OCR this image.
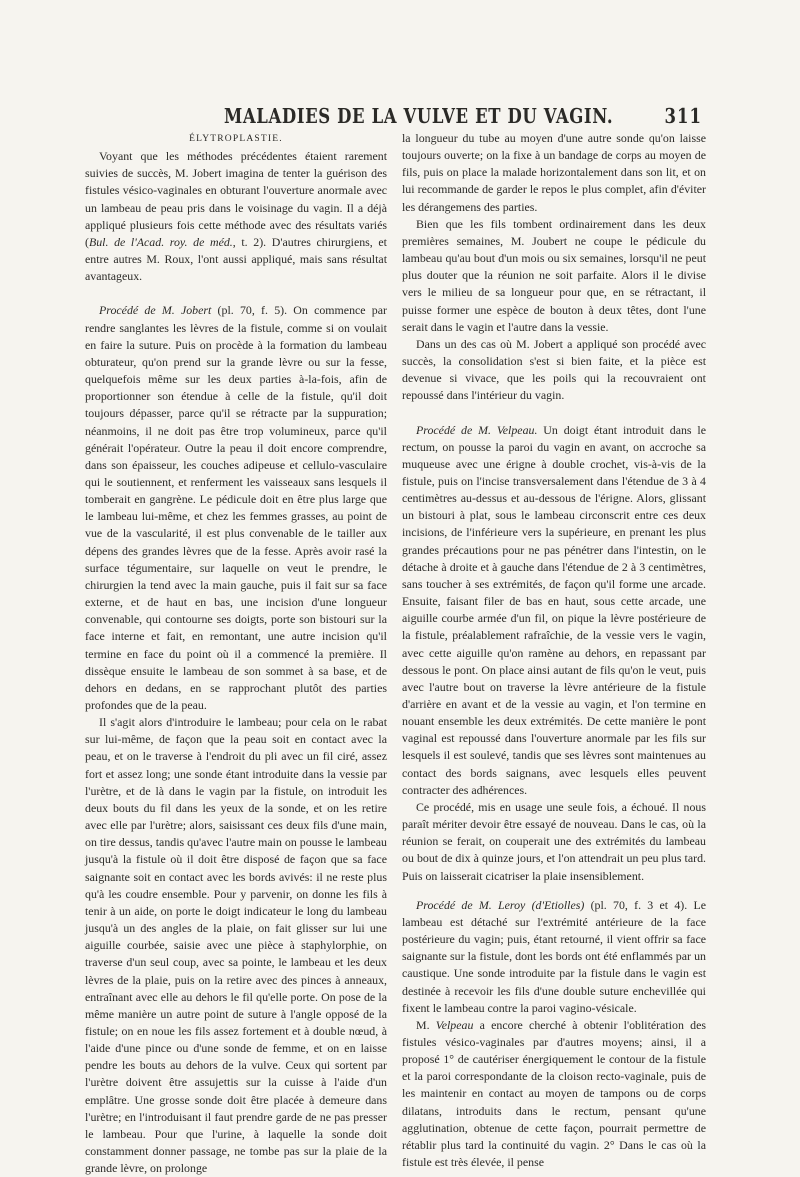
MALADIES DE LA VULVE ET DU VAGIN.	311

ÉLYTROPLASTIE.

Voyant que les méthodes précédentes étaient rarement suivies de succès, M. Jobert imagina de tenter la guérison des fistules vésico-vaginales en obturant l'ouverture anormale avec un lambeau de peau pris dans le voisinage du vagin. Il a déjà appliqué plusieurs fois cette méthode avec des résultats variés (Bul. de l'Acad. roy. de méd., t. 2). D'autres chirurgiens, et entre autres M. Roux, l'ont aussi appliqué, mais sans résultat avantageux.

Procédé de M. Jobert (pl. 70, f. 5). On commence par rendre sanglantes les lèvres de la fistule, comme si on voulait en faire la suture. Puis on procède à la formation du lambeau obturateur, qu'on prend sur la grande lèvre ou sur la fesse, quelquefois même sur les deux parties à-la-fois, afin de proportionner son étendue à celle de la fistule, qu'il doit toujours dépasser, parce qu'il se rétracte par la suppuration; néanmoins, il ne doit pas être trop volumineux, parce qu'il générait l'opérateur. Outre la peau il doit encore comprendre, dans son épaisseur, les couches adipeuse et cellulo-vasculaire qui le soutiennent, et renferment les vaisseaux sans lesquels il tomberait en gangrène. Le pédicule doit en être plus large que le lambeau lui-même, et chez les femmes grasses, au point de vue de la vascularité, il est plus convenable de le tailler aux dépens des grandes lèvres que de la fesse. Après avoir rasé la surface tégumentaire, sur laquelle on veut le prendre, le chirurgien la tend avec la main gauche, puis il fait sur sa face externe, et de haut en bas, une incision d'une longueur convenable, qui contourne ses doigts, porte son bistouri sur la face interne et fait, en remontant, une autre incision qu'il termine en face du point où il a commencé la première. Il dissèque ensuite le lambeau de son sommet à sa base, et de dehors en dedans, en se rapprochant plutôt des parties profondes que de la peau.

Il s'agit alors d'introduire le lambeau; pour cela on le rabat sur lui-même, de façon que la peau soit en contact avec la peau, et on le traverse à l'endroit du pli avec un fil ciré, assez fort et assez long; une sonde étant introduite dans la vessie par l'urètre, et de là dans le vagin par la fistule, on introduit les deux bouts du fil dans les yeux de la sonde, et on les retire avec elle par l'urètre; alors, saisissant ces deux fils d'une main, on tire dessus, tandis qu'avec l'autre main on pousse le lambeau jusqu'à la fistule où il doit être disposé de façon que sa face saignante soit en contact avec les bords avivés: il ne reste plus qu'à les coudre ensemble. Pour y parvenir, on donne les fils à tenir à un aide, on porte le doigt indicateur le long du lambeau jusqu'à un des angles de la plaie, on fait glisser sur lui une aiguille courbée, saisie avec une pièce à staphylorphie, on traverse d'un seul coup, avec sa pointe, le lambeau et les deux lèvres de la plaie, puis on la retire avec des pinces à anneaux, entraînant avec elle au dehors le fil qu'elle porte. On pose de la même manière un autre point de suture à l'angle opposé de la fistule; on en noue les fils assez fortement et à double nœud, à l'aide d'une pince ou d'une sonde de femme, et on en laisse pendre les bouts au dehors de la vulve. Ceux qui sortent par l'urètre doivent être assujettis sur la cuisse à l'aide d'un emplâtre. Une grosse sonde doit être placée à demeure dans l'urètre; en l'introduisant il faut prendre garde de ne pas presser le lambeau. Pour que l'urine, à laquelle la sonde doit constamment donner passage, ne tombe pas sur la plaie de la grande lèvre, on prolonge

la longueur du tube au moyen d'une autre sonde qu'on laisse toujours ouverte; on la fixe à un bandage de corps au moyen de fils, puis on place la malade horizontalement dans son lit, et on lui recommande de garder le repos le plus complet, afin d'éviter les dérangemens des parties.

Bien que les fils tombent ordinairement dans les deux premières semaines, M. Joubert ne coupe le pédicule du lambeau qu'au bout d'un mois ou six semaines, lorsqu'il ne peut plus douter que la réunion ne soit parfaite. Alors il le divise vers le milieu de sa longueur pour que, en se rétractant, il puisse former une espèce de bouton à deux têtes, dont l'une serait dans le vagin et l'autre dans la vessie.

Dans un des cas où M. Jobert a appliqué son procédé avec succès, la consolidation s'est si bien faite, et la pièce est devenue si vivace, que les poils qui la recouvraient ont repoussé dans l'intérieur du vagin.

Procédé de M. Velpeau. Un doigt étant introduit dans le rectum, on pousse la paroi du vagin en avant, on accroche sa muqueuse avec une érigne à double crochet, vis-à-vis de la fistule, puis on l'incise transversalement dans l'étendue de 3 à 4 centimètres au-dessus et au-dessous de l'érigne. Alors, glissant un bistouri à plat, sous le lambeau circonscrit entre ces deux incisions, de l'inférieure vers la supérieure, en prenant les plus grandes précautions pour ne pas pénétrer dans l'intestin, on le détache à droite et à gauche dans l'étendue de 2 à 3 centimètres, sans toucher à ses extrémités, de façon qu'il forme une arcade. Ensuite, faisant filer de bas en haut, sous cette arcade, une aiguille courbe armée d'un fil, on pique la lèvre postérieure de la fistule, préalablement rafraîchie, de la vessie vers le vagin, avec cette aiguille qu'on ramène au dehors, en repassant par dessous le pont. On place ainsi autant de fils qu'on le veut, puis avec l'autre bout on traverse la lèvre antérieure de la fistule d'arrière en avant et de la vessie au vagin, et l'on termine en nouant ensemble les deux extrémités. De cette manière le pont vaginal est repoussé dans l'ouverture anormale par les fils sur lesquels il est soulevé, tandis que ses lèvres sont maintenues au contact des bords saignans, avec lesquels elles peuvent contracter des adhérences.

Ce procédé, mis en usage une seule fois, a échoué. Il nous paraît mériter devoir être essayé de nouveau. Dans le cas, où la réunion se ferait, on couperait une des extrémités du lambeau ou bout de dix à quinze jours, et l'on attendrait un peu plus tard. Puis on laisserait cicatriser la plaie insensiblement.

Procédé de M. Leroy (d'Etiolles) (pl. 70, f. 3 et 4). Le lambeau est détaché sur l'extrémité antérieure de la face postérieure du vagin; puis, étant retourné, il vient offrir sa face saignante sur la fistule, dont les bords ont été enflammés par un caustique. Une sonde introduite par la fistule dans le vagin est destinée à recevoir les fils d'une double suture enchevillée qui fixent le lambeau contre la paroi vagino-vésicale.

M. Velpeau a encore cherché à obtenir l'oblitération des fistules vésico-vaginales par d'autres moyens; ainsi, il a proposé 1° de cautériser énergiquement le contour de la fistule et la paroi correspondante de la cloison recto-vaginale, puis de les maintenir en contact au moyen de tampons ou de corps dilatans, introduits dans le rectum, pensant qu'une agglutination, obtenue de cette façon, pourrait permettre de rétablir plus tard la continuité du vagin. 2° Dans le cas où la fistule est très élevée, il pense
